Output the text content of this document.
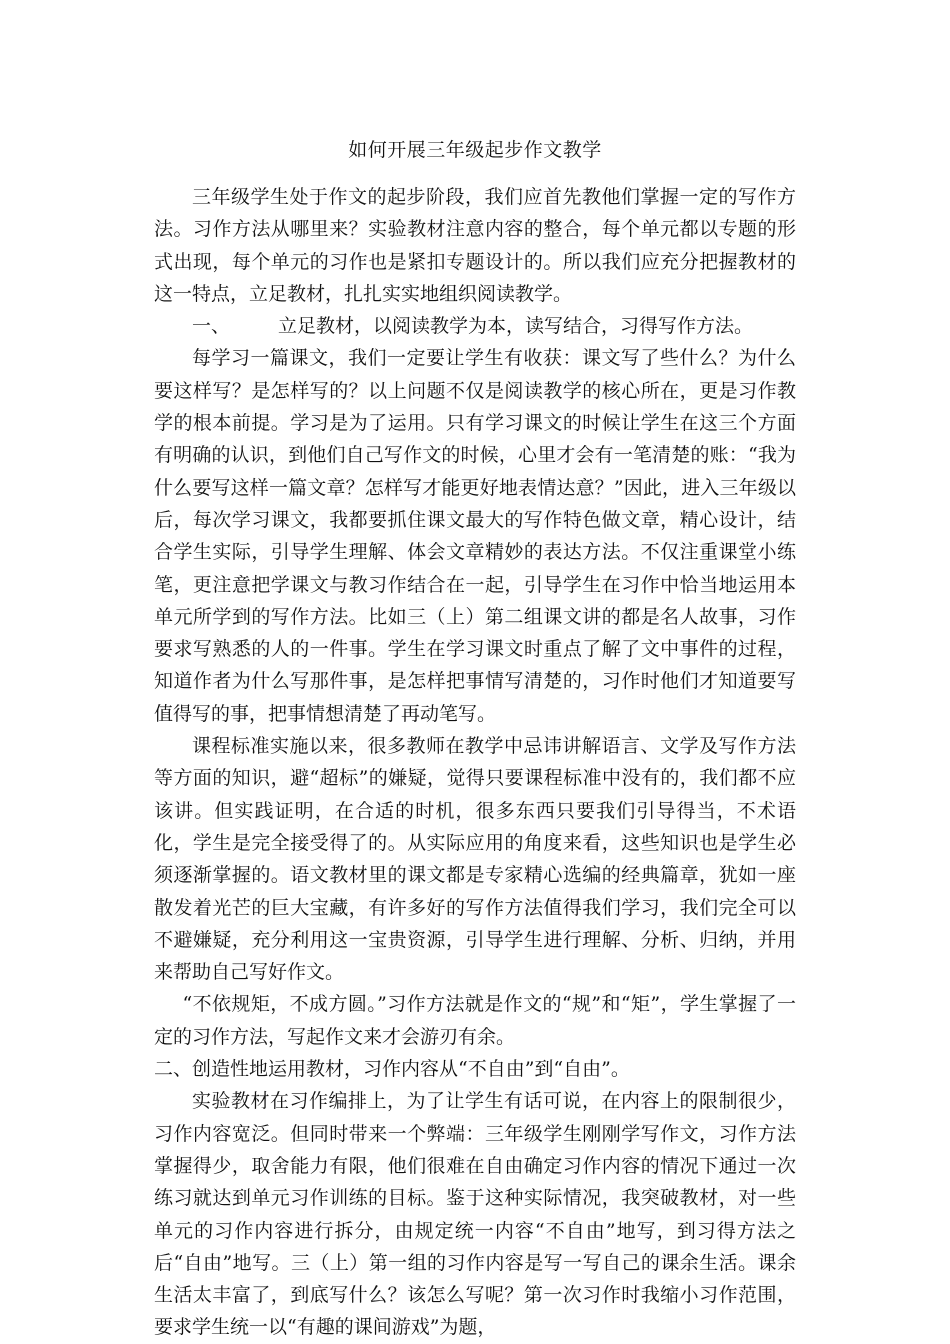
如何开展三年级起步作文教学

三年级学生处于作文的起步阶段，我们应首先教他们掌握一定的写作方法。习作方法从哪里来？实验教材注意内容的整合，每个单元都以专题的形式出现，每个单元的习作也是紧扣专题设计的。所以我们应充分把握教材的这一特点，立足教材，扎扎实实地组织阅读教学。

一、	立足教材，以阅读教学为本，读写结合，习得写作方法。

每学习一篇课文，我们一定要让学生有收获：课文写了些什么？为什么要这样写？是怎样写的？以上问题不仅是阅读教学的核心所在，更是习作教学的根本前提。学习是为了运用。只有学习课文的时候让学生在这三个方面有明确的认识，到他们自己写作文的时候，心里才会有一笔清楚的账：“我为什么要写这样一篇文章？怎样写才能更好地表情达意？”因此，进入三年级以后，每次学习课文，我都要抓住课文最大的写作特色做文章，精心设计，结合学生实际，引导学生理解、体会文章精妙的表达方法。不仅注重课堂小练笔，更注意把学课文与教习作结合在一起，引导学生在习作中恰当地运用本单元所学到的写作方法。比如三（上）第二组课文讲的都是名人故事，习作要求写熟悉的人的一件事。学生在学习课文时重点了解了文中事件的过程，知道作者为什么写那件事，是怎样把事情写清楚的，习作时他们才知道要写值得写的事，把事情想清楚了再动笔写。

课程标准实施以来，很多教师在教学中忌讳讲解语言、文学及写作方法等方面的知识，避“超标”的嫌疑，觉得只要课程标准中没有的，我们都不应该讲。但实践证明，在合适的时机，很多东西只要我们引导得当，不术语化，学生是完全接受得了的。从实际应用的角度来看，这些知识也是学生必须逐渐掌握的。语文教材里的课文都是专家精心选编的经典篇章，犹如一座散发着光芒的巨大宝藏，有许多好的写作方法值得我们学习，我们完全可以不避嫌疑，充分利用这一宝贵资源，引导学生进行理解、分析、归纳，并用来帮助自己写好作文。

“不依规矩，不成方圆。”习作方法就是作文的“规”和“矩”，学生掌握了一定的习作方法，写起作文来才会游刃有余。

二、创造性地运用教材，习作内容从“不自由”到“自由”。

实验教材在习作编排上，为了让学生有话可说，在内容上的限制很少，习作内容宽泛。但同时带来一个弊端：三年级学生刚刚学写作文，习作方法掌握得少，取舍能力有限，他们很难在自由确定习作内容的情况下通过一次练习就达到单元习作训练的目标。鉴于这种实际情况，我突破教材，对一些单元的习作内容进行拆分，由规定统一内容“不自由”地写，到习得方法之后“自由”地写。三（上）第一组的习作内容是写一写自己的课余生活。课余生活太丰富了，到底写什么？该怎么写呢？第一次习作时我缩小习作范围，要求学生统一以“有趣的课间游戏”为题，
